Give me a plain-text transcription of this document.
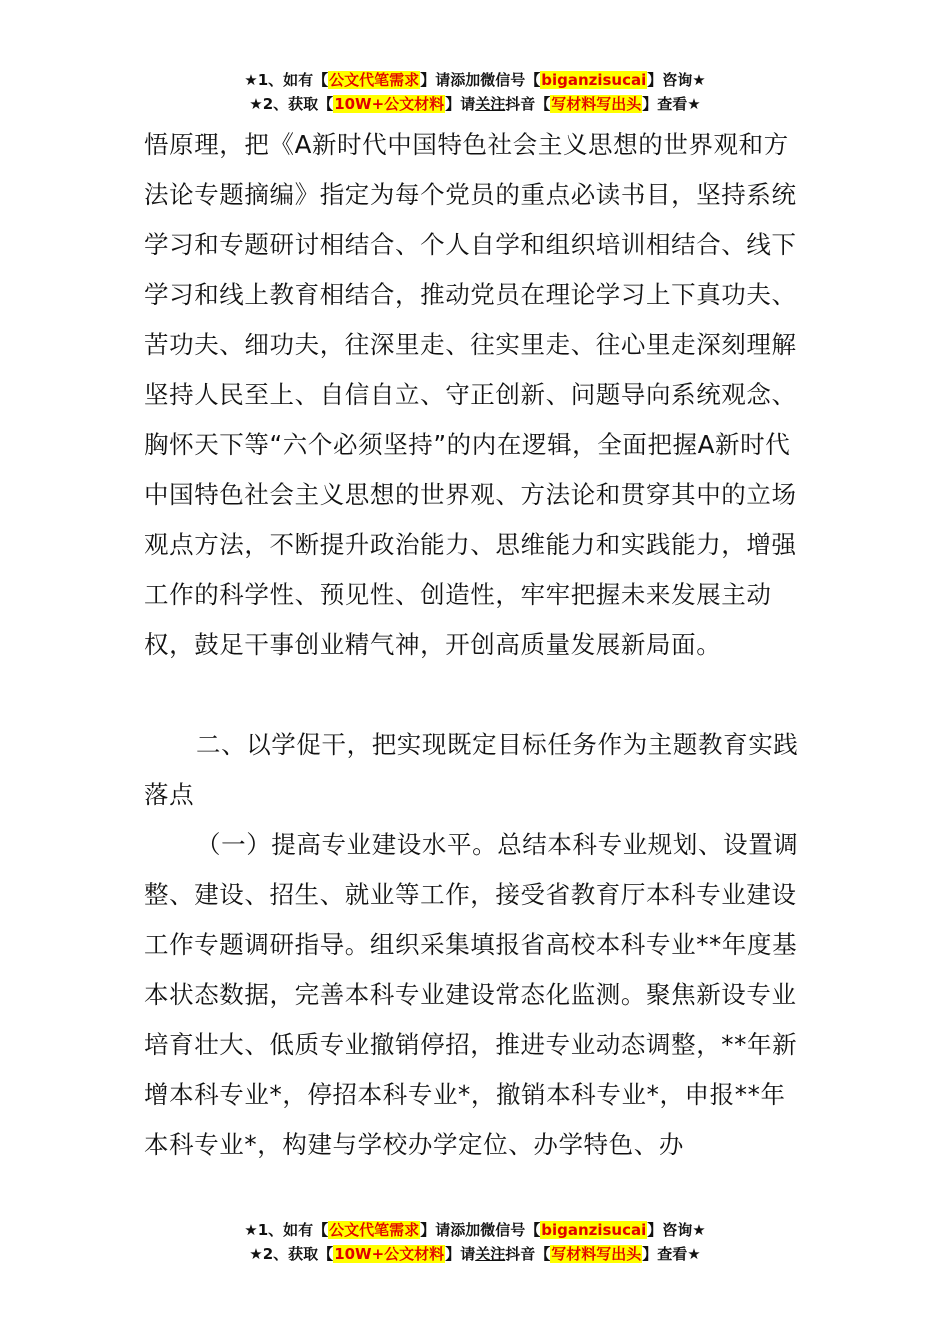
★1、如有【公文代笔需求】请添加微信号【biganzisucai】咨询★
★2、获取【10W+公文材料】请关注抖音【写材料写出头】查看★

悟原理，把《A新时代中国特色社会主义思想的世界观和方法论专题摘编》指定为每个党员的重点必读书目，坚持系统学习和专题研讨相结合、个人自学和组织培训相结合、线下学习和线上教育相结合，推动党员在理论学习上下真功夫、苦功夫、细功夫，往深里走、往实里走、往心里走深刻理解坚持人民至上、自信自立、守正创新、问题导向系统观念、胸怀天下等“六个必须坚持”的内在逻辑，全面把握A新时代中国特色社会主义思想的世界观、方法论和贯穿其中的立场观点方法，不断提升政治能力、思维能力和实践能力，增强工作的科学性、预见性、创造性，牢牢把握未来发展主动权，鼓足干事创业精气神，开创高质量发展新局面。

二、以学促干，把实现既定目标任务作为主题教育实践落点

（一）提高专业建设水平。总结本科专业规划、设置调整、建设、招生、就业等工作，接受省教育厅本科专业建设工作专题调研指导。组织采集填报省高校本科专业**年度基本状态数据，完善本科专业建设常态化监测。聚焦新设专业培育壮大、低质专业撤销停招，推进专业动态调整，**年新增本科专业*，停招本科专业*，撤销本科专业*，申报**年本科专业*，构建与学校办学定位、办学特色、办

★1、如有【公文代笔需求】请添加微信号【biganzisucai】咨询★
★2、获取【10W+公文材料】请关注抖音【写材料写出头】查看★
